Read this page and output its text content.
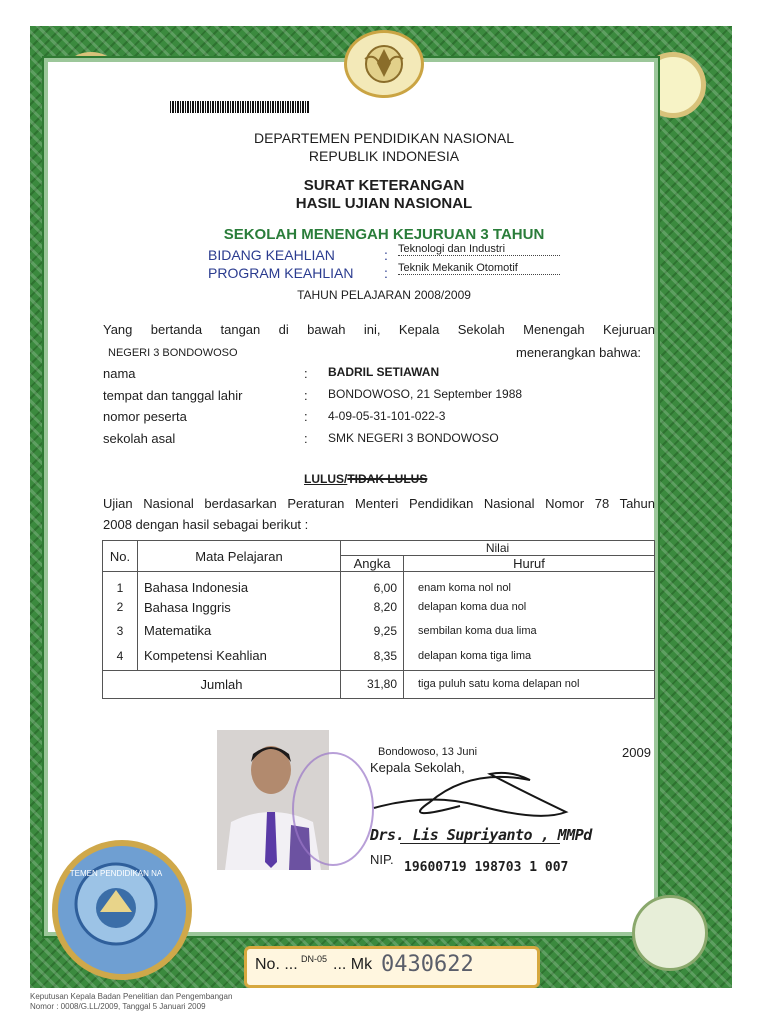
DEPARTEMEN PENDIDIKAN NASIONAL
REPUBLIK INDONESIA
SURAT KETERANGAN
HASIL UJIAN NASIONAL
SEKOLAH MENENGAH KEJURUAN 3 TAHUN
BIDANG KEAHLIAN	: Teknologi dan Industri
PROGRAM KEAHLIAN : Teknik Mekanik Otomotif
TAHUN PELAJARAN 2008/2009
Yang bertanda tangan di bawah ini, Kepala Sekolah Menengah Kejuruan
NEGERI 3 BONDOWOSO	menerangkan bahwa:
nama	: BADRIL SETIAWAN
tempat dan tanggal lahir	: BONDOWOSO, 21 September 1988
nomor peserta	: 4-09-05-31-101-022-3
sekolah asal	: SMK NEGERI 3 BONDOWOSO
LULUS/TIDAK LULUS
Ujian Nasional berdasarkan Peraturan Menteri Pendidikan Nasional Nomor 78 Tahun
2008 dengan hasil sebagai berikut :
No.	Mata Pelajaran	Nilai	
		Angka	Huruf
1	Bahasa Indonesia	6,00	enam koma nol nol
2	Bahasa Inggris	8,20	delapan koma dua nol
3	Matematika	9,25	sembilan koma dua lima
4	Kompetensi Keahlian	8,35	delapan koma tiga lima
Jumlah		31,80	tiga puluh satu koma delapan nol
Bondowoso, 13 Juni	2009
Kepala Sekolah,
Drs. Lis Supriyanto , MMPd
NIP.
19600719 198703 1 007
TEMEN PENDIDIKAN NA
No. ... DN-05 ... Mk 0430622
Keputusan Kepala Badan Penelitian dan Pengembangan
Nomor : 0008/G.LL/2009, Tanggal 5 Januari 2009
